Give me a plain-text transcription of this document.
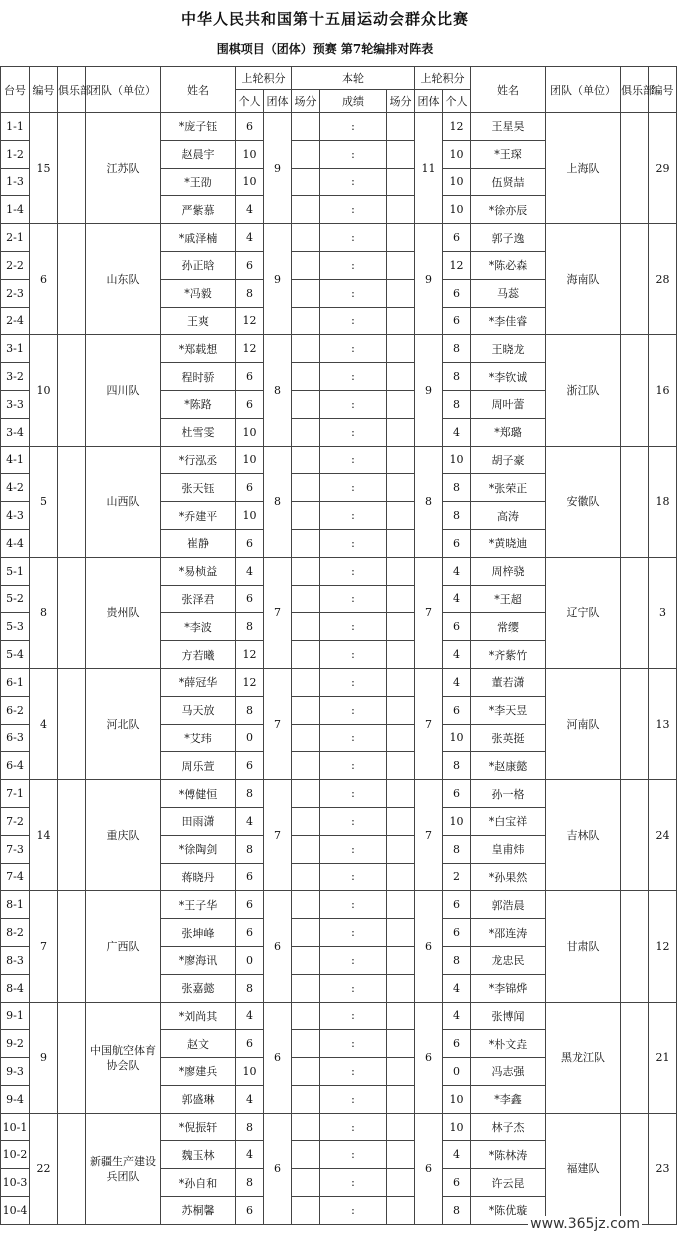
中华人民共和国第十五届运动会群众比赛
围棋项目（团体）预赛 第7轮编排对阵表
台号	编号	俱乐部	团队（单位）	姓名	上轮积分		本轮			上轮积分		姓名	团队（单位）	俱乐部	编号
					个人	团体	场分	成绩	场分	团体	个人				
1-1	15		江苏队	*庞子钰	6	9		:		11	12	王星昊	上海队		29
1-2				赵晨宇	10			:			10	*王琛			
1-3				*王劭	10			:			10	伍贤喆			
1-4				严紫慕	4			:			10	*徐亦辰			
2-1	6		山东队	*戚泽楠	4	9		:		9	6	郭子逸	海南队		28
2-2				孙正晗	6			:			12	*陈必森			
2-3				*冯毅	8			:			6	马蕊			
2-4				王爽	12			:			6	*李佳睿			
3-1	10		四川队	*郑载想	12	8		:		9	8	王晓龙	浙江队		16
3-2				程时骄	6			:			8	*李钦诚			
3-3				*陈路	6			:			8	周叶蕾			
3-4				杜雪雯	10			:			4	*郑璐			
4-1	5		山西队	*行泓丞	10	8		:		8	10	胡子豪	安徽队		18
4-2				张天钰	6			:			8	*张荣正			
4-3				*乔建平	10			:			8	高涛			
4-4				崔静	6			:			6	*黄晓迪			
5-1	8		贵州队	*易桢益	4	7		:		7	4	周梓骁	辽宁队		3
5-2				张泽君	6			:			4	*王超			
5-3				*李波	8			:			6	常缨			
5-4				方若曦	12			:			4	*齐紫竹			
6-1	4		河北队	*薛冠华	12	7		:		7	4	董若潇	河南队		13
6-2				马天放	8			:			6	*李天昱			
6-3				*艾玮	0			:			10	张英挺			
6-4				周乐萱	6			:			8	*赵康懿			
7-1	14		重庆队	*傅健恒	8	7		:		7	6	孙一格	吉林队		24
7-2				田雨潇	4			:			10	*白宝祥			
7-3				*徐陶剑	8			:			8	皇甫炜			
7-4				蒋晓丹	6			:			2	*孙果然			
8-1	7		广西队	*王子华	6	6		:		6	6	郭浩晨	甘肃队		12
8-2				张坤峰	6			:			6	*邵连涛			
8-3				*廖海讯	0			:			8	龙忠民			
8-4				张嘉懿	8			:			4	*李锦烨			
9-1	9		中国航空体育协会队	*刘尚其	4	6		:		6	4	张博闻	黑龙江队		21
9-2				赵文	6			:			6	*朴文垚			
9-3				*廖建兵	10			:			0	冯志强			
9-4				郭盛琳	4			:			10	*李鑫			
10-1	22		新疆生产建设兵团队	*倪振轩	8	6		:		6	10	林子杰	福建队		23
10-2				魏玉林	4			:			4	*陈林涛			
10-3				*孙自和	8			:			6	许云昆			
10-4				苏桐馨	6			:			8	*陈优璇			
www.365jz.com
